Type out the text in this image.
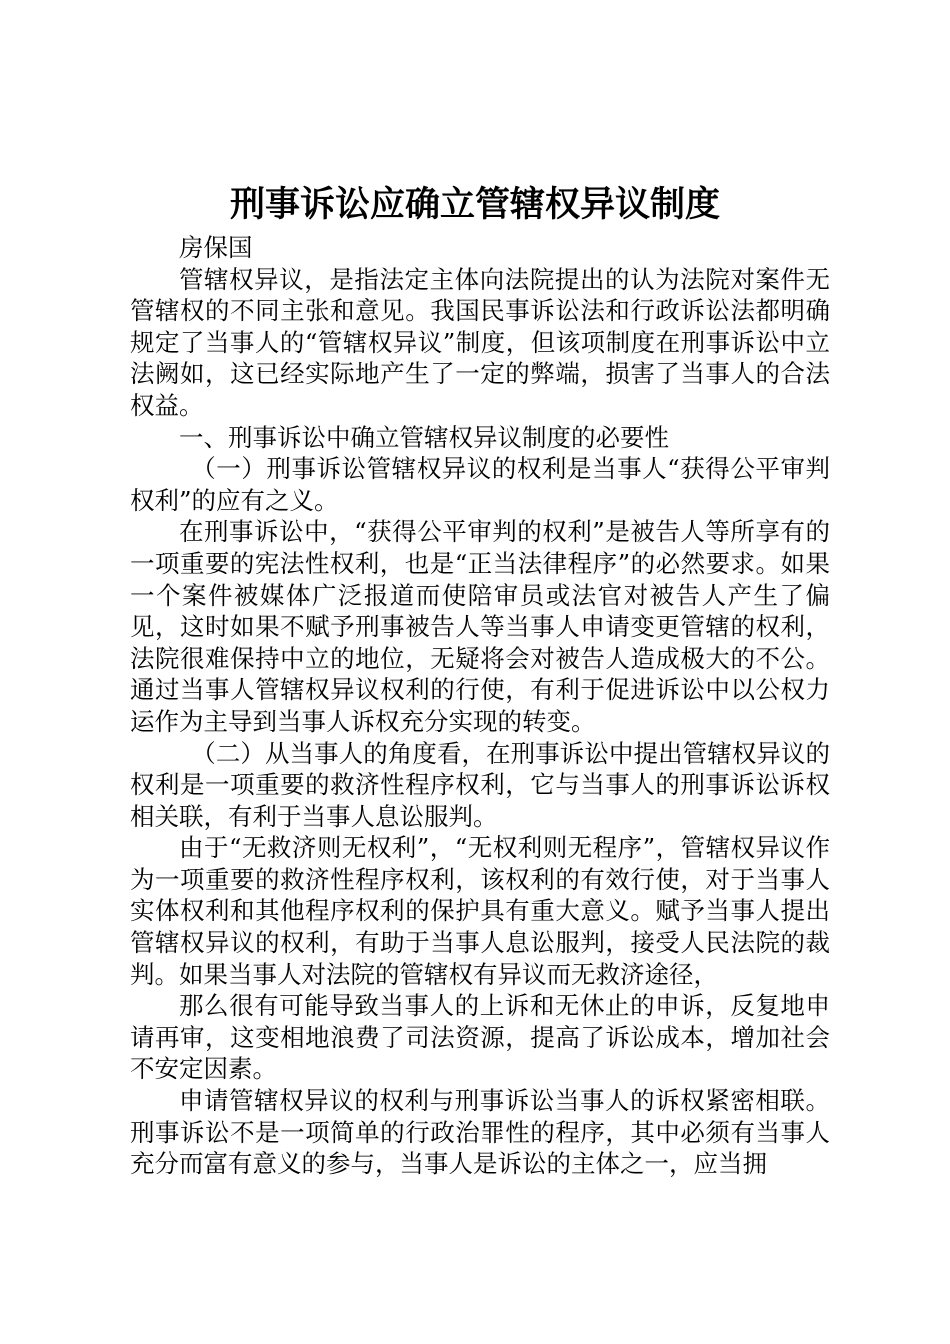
刑事诉讼应确立管辖权异议制度

房保国

管辖权异议，是指法定主体向法院提出的认为法院对案件无管辖权的不同主张和意见。我国民事诉讼法和行政诉讼法都明确规定了当事人的“管辖权异议”制度，但该项制度在刑事诉讼中立法阙如，这已经实际地产生了一定的弊端，损害了当事人的合法权益。

一、刑事诉讼中确立管辖权异议制度的必要性

（一）刑事诉讼管辖权异议的权利是当事人“获得公平审判权利”的应有之义。

在刑事诉讼中，“获得公平审判的权利”是被告人等所享有的一项重要的宪法性权利，也是“正当法律程序”的必然要求。如果一个案件被媒体广泛报道而使陪审员或法官对被告人产生了偏见，这时如果不赋予刑事被告人等当事人申请变更管辖的权利，法院很难保持中立的地位，无疑将会对被告人造成极大的不公。通过当事人管辖权异议权利的行使，有利于促进诉讼中以公权力运作为主导到当事人诉权充分实现的转变。

（二）从当事人的角度看，在刑事诉讼中提出管辖权异议的权利是一项重要的救济性程序权利，它与当事人的刑事诉讼诉权相关联，有利于当事人息讼服判。

由于“无救济则无权利”，“无权利则无程序”，管辖权异议作为一项重要的救济性程序权利，该权利的有效行使，对于当事人实体权利和其他程序权利的保护具有重大意义。赋予当事人提出管辖权异议的权利，有助于当事人息讼服判，接受人民法院的裁判。如果当事人对法院的管辖权有异议而无救济途径，

那么很有可能导致当事人的上诉和无休止的申诉，反复地申请再审，这变相地浪费了司法资源，提高了诉讼成本，增加社会不安定因素。

申请管辖权异议的权利与刑事诉讼当事人的诉权紧密相联。刑事诉讼不是一项简单的行政治罪性的程序，其中必须有当事人充分而富有意义的参与，当事人是诉讼的主体之一，应当拥
